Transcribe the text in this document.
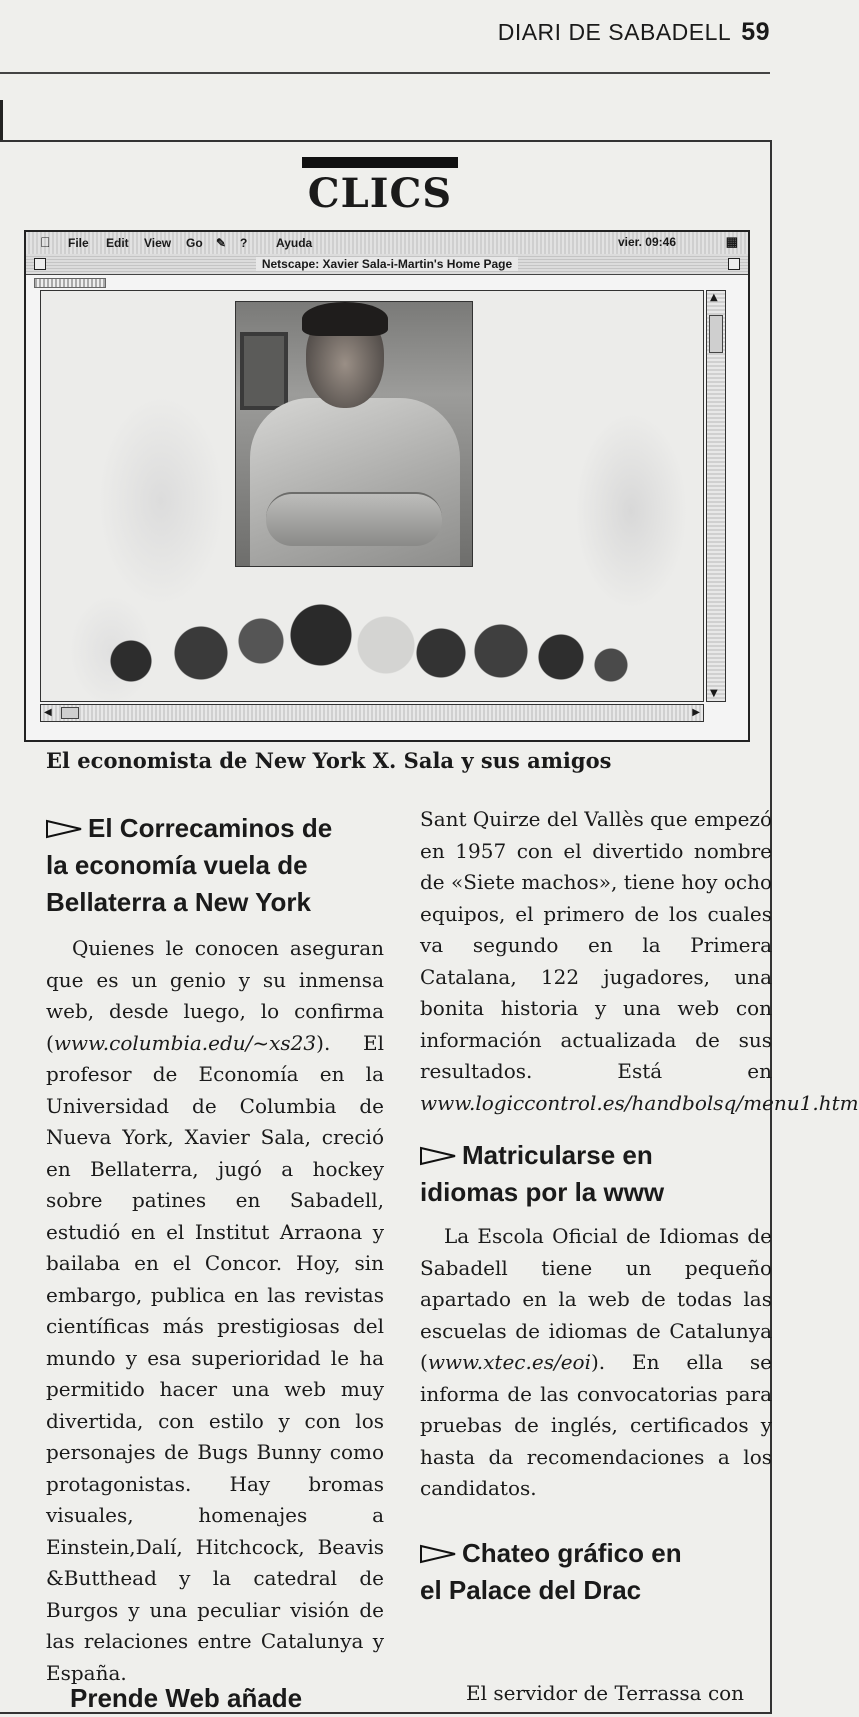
DIARI DE SABADELL 59
CLICS
File Edit View Go ✎ ? Ayuda	vier. 09:46	▦
Netscape: Xavier Sala-i-Martin's Home Page
▲
▼
◀	▶
El economista de New York X. Sala y sus amigos
El Correcaminos de
la economía vuela de
Bellaterra a New York

Quienes le conocen aseguran que es un genio y su inmensa web, desde luego, lo confirma (www.columbia.edu/~xs23). El profesor de Economía en la Universidad de Columbia de Nueva York, Xavier Sala, creció en Bellaterra, jugó a hockey sobre patines en Sabadell, estudió en el Institut Arraona y bailaba en el Concor. Hoy, sin embargo, publica en las revistas científicas más prestigiosas del mundo y esa superioridad le ha permitido hacer una web muy divertida, con estilo y con los personajes de Bugs Bunny como protagonistas. Hay bromas visuales, homenajes a Einstein,Dalí, Hitchcock, Beavis &Butthead y la catedral de Burgos y una peculiar visión de las relaciones entre Catalunya y España.

Sant Quirze del Vallès que empezó en 1957 con el divertido nombre de «Siete machos», tiene hoy ocho equipos, el primero de los cuales va segundo en la Primera Catalana, 122 jugadores, una bonita historia y una web con información actualizada de sus resultados. Está en www.logiccontrol.es/handbolsq/menu1.htm

Matricularse en
idiomas por la www

La Escola Oficial de Idiomas de Sabadell tiene un pequeño apartado en la web de todas las escuelas de idiomas de Catalunya (www.xtec.es/eoi). En ella se informa de las convocatorias para pruebas de inglés, certificados y hasta da recomendaciones a los candidatos.

Chateo gráfico en
el Palace del Drac
El servidor de Terrassa con
Prende Web añade
